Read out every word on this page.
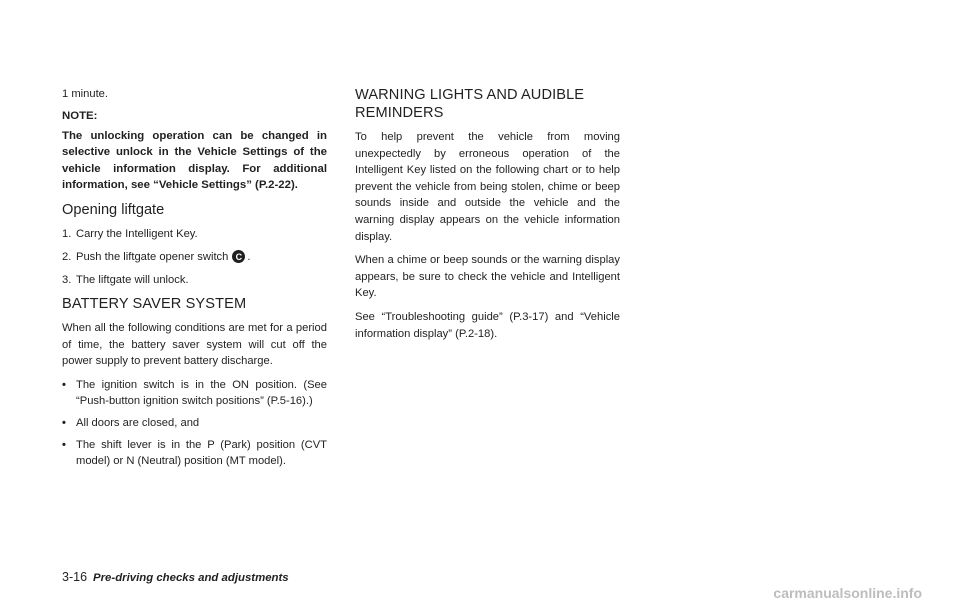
1 minute.

NOTE:

The unlocking operation can be changed in selective unlock in the Vehicle Settings of the vehicle information display. For additional information, see “Vehicle Settings” (P.2-22).

Opening liftgate
1. Carry the Intelligent Key.
2. Push the liftgate opener switch C .
3. The liftgate will unlock.
BATTERY SAVER SYSTEM

When all the following conditions are met for a period of time, the battery saver system will cut off the power supply to prevent battery discharge.

• The ignition switch is in the ON position. (See “Push-button ignition switch positions” (P.5-16).)
• All doors are closed, and
• The shift lever is in the P (Park) position (CVT model) or N (Neutral) position (MT model).
WARNING LIGHTS AND AUDIBLE REMINDERS

To help prevent the vehicle from moving unexpectedly by erroneous operation of the Intelligent Key listed on the following chart or to help prevent the vehicle from being stolen, chime or beep sounds inside and outside the vehicle and the warning display appears on the vehicle information display.

When a chime or beep sounds or the warning display appears, be sure to check the vehicle and Intelligent Key.

See “Troubleshooting guide” (P.3-17) and “Vehicle information display” (P.2-18).

3-16 Pre-driving checks and adjustments
carmanualsonline.info
